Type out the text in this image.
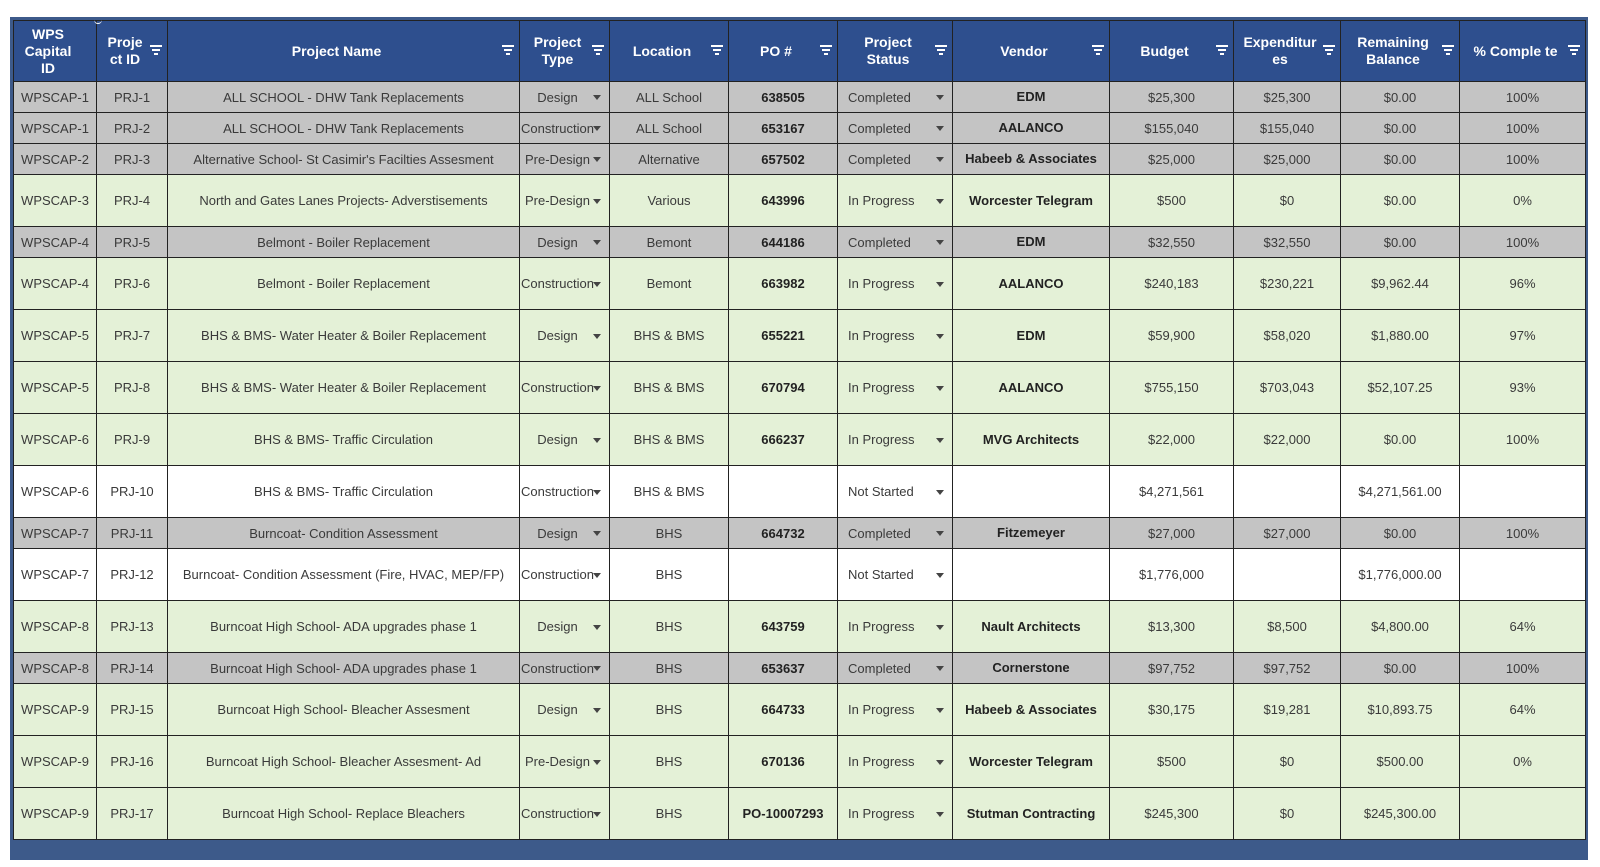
WPS Capital ID	Proje ct ID	Project Name	Project Type	Location	PO #	Project Status	Vendor	Budget	Expenditur es	Remaining Balance	% Comple te

WPSCAP-1	PRJ-1	ALL SCHOOL - DHW Tank Replacements	Design	ALL School	638505	Completed	EDM	$25,300	$25,300	$0.00	100%
WPSCAP-1	PRJ-2	ALL SCHOOL - DHW Tank Replacements	Construction	ALL School	653167	Completed	AALANCO	$155,040	$155,040	$0.00	100%
WPSCAP-2	PRJ-3	Alternative School- St Casimir's Facilties Assesment	Pre-Design	Alternative	657502	Completed	Habeeb & Associates	$25,000	$25,000	$0.00	100%
WPSCAP-3	PRJ-4	North and Gates Lanes Projects- Adverstisements	Pre-Design	Various	643996	In Progress	Worcester Telegram	$500	$0	$0.00	0%
WPSCAP-4	PRJ-5	Belmont - Boiler Replacement	Design	Bemont	644186	Completed	EDM	$32,550	$32,550	$0.00	100%
WPSCAP-4	PRJ-6	Belmont - Boiler Replacement	Construction	Bemont	663982	In Progress	AALANCO	$240,183	$230,221	$9,962.44	96%
WPSCAP-5	PRJ-7	BHS & BMS- Water Heater & Boiler Replacement	Design	BHS & BMS	655221	In Progress	EDM	$59,900	$58,020	$1,880.00	97%
WPSCAP-5	PRJ-8	BHS & BMS- Water Heater & Boiler Replacement	Construction	BHS & BMS	670794	In Progress	AALANCO	$755,150	$703,043	$52,107.25	93%
WPSCAP-6	PRJ-9	BHS & BMS- Traffic Circulation	Design	BHS & BMS	666237	In Progress	MVG Architects	$22,000	$22,000	$0.00	100%
WPSCAP-6	PRJ-10	BHS & BMS- Traffic Circulation	Construction	BHS & BMS		Not Started		$4,271,561		$4,271,561.00	
WPSCAP-7	PRJ-11	Burncoat- Condition Assessment	Design	BHS	664732	Completed	Fitzemeyer	$27,000	$27,000	$0.00	100%
WPSCAP-7	PRJ-12	Burncoat- Condition Assessment (Fire, HVAC, MEP/FP)	Construction	BHS		Not Started		$1,776,000		$1,776,000.00	
WPSCAP-8	PRJ-13	Burncoat High School- ADA upgrades phase 1	Design	BHS	643759	In Progress	Nault Architects	$13,300	$8,500	$4,800.00	64%
WPSCAP-8	PRJ-14	Burncoat High School- ADA upgrades phase 1	Construction	BHS	653637	Completed	Cornerstone	$97,752	$97,752	$0.00	100%
WPSCAP-9	PRJ-15	Burncoat High School- Bleacher Assesment	Design	BHS	664733	In Progress	Habeeb & Associates	$30,175	$19,281	$10,893.75	64%
WPSCAP-9	PRJ-16	Burncoat High School- Bleacher Assesment- Ad	Pre-Design	BHS	670136	In Progress	Worcester Telegram	$500	$0	$500.00	0%
WPSCAP-9	PRJ-17	Burncoat High School- Replace Bleachers	Construction	BHS	PO-10007293	In Progress	Stutman Contracting	$245,300	$0	$245,300.00	
